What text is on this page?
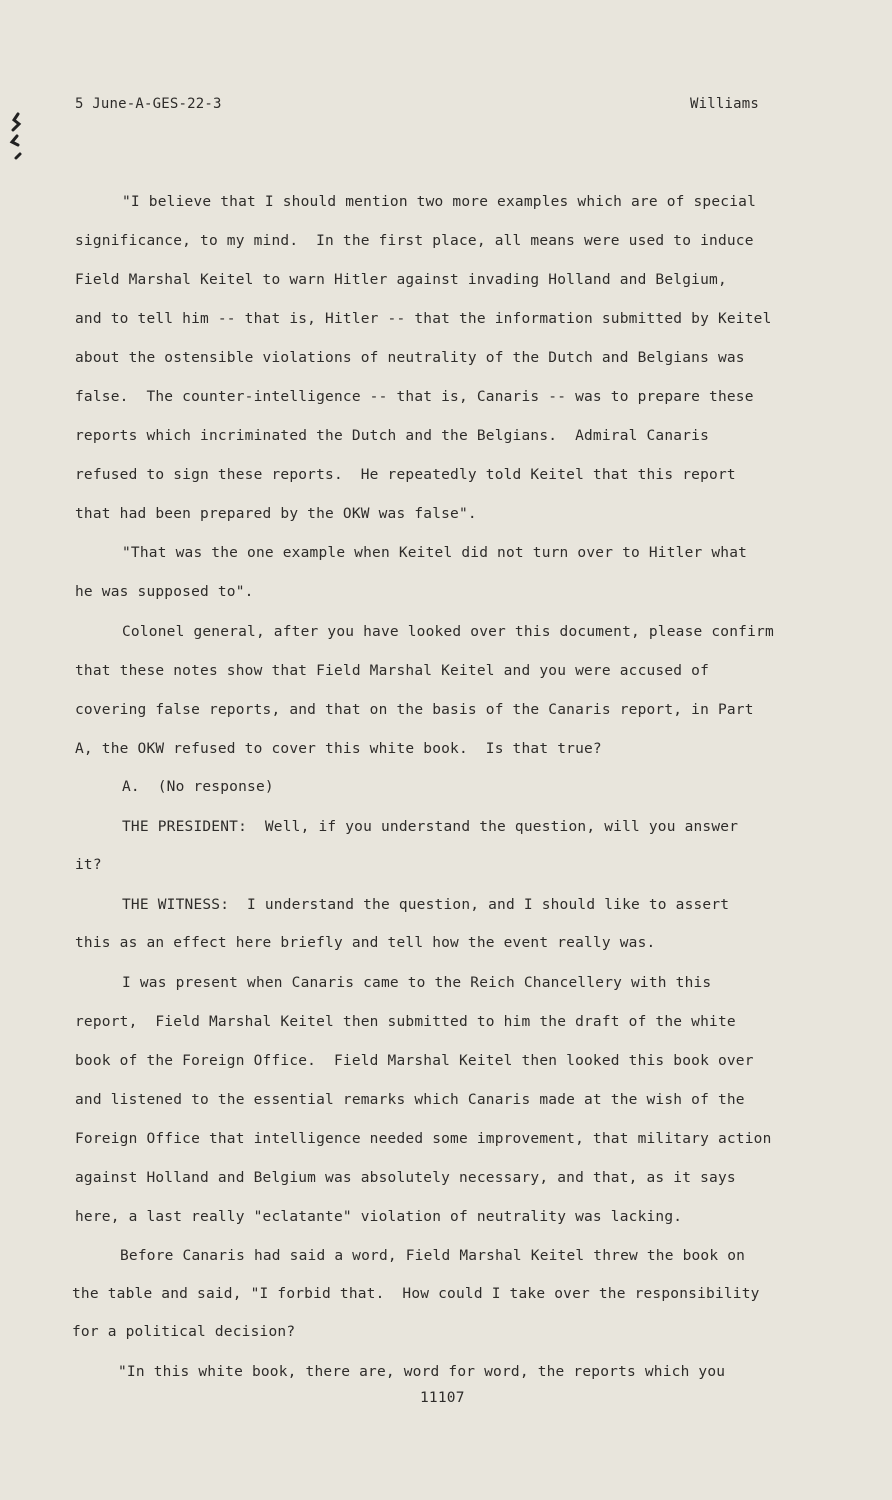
5 June-A-GES-22-3	Williams
"I believe that I should mention two more examples which are of special
significance, to my mind.  In the first place, all means were used to induce
Field Marshal Keitel to warn Hitler against invading Holland and Belgium,
and to tell him -- that is, Hitler -- that the information submitted by Keitel
about the ostensible violations of neutrality of the Dutch and Belgians was
false.  The counter-intelligence -- that is, Canaris -- was to prepare these
reports which incriminated the Dutch and the Belgians.  Admiral Canaris
refused to sign these reports.  He repeatedly told Keitel that this report
that had been prepared by the OKW was false".
"That was the one example when Keitel did not turn over to Hitler what
he was supposed to".
Colonel general, after you have looked over this document, please confirm
that these notes show that Field Marshal Keitel and you were accused of
covering false reports, and that on the basis of the Canaris report, in Part
A, the OKW refused to cover this white book.  Is that true?
A.  (No response)
THE PRESIDENT:  Well, if you understand the question, will you answer
it?
THE WITNESS:  I understand the question, and I should like to assert
this as an effect here briefly and tell how the event really was.
I was present when Canaris came to the Reich Chancellery with this
report,  Field Marshal Keitel then submitted to him the draft of the white
book of the Foreign Office.  Field Marshal Keitel then looked this book over
and listened to the essential remarks which Canaris made at the wish of the
Foreign Office that intelligence needed some improvement, that military action
against Holland and Belgium was absolutely necessary, and that, as it says
here, a last really "eclatante" violation of neutrality was lacking.
Before Canaris had said a word, Field Marshal Keitel threw the book on
the table and said, "I forbid that.  How could I take over the responsibility
for a political decision?
"In this white book, there are, word for word, the reports which you
11107
